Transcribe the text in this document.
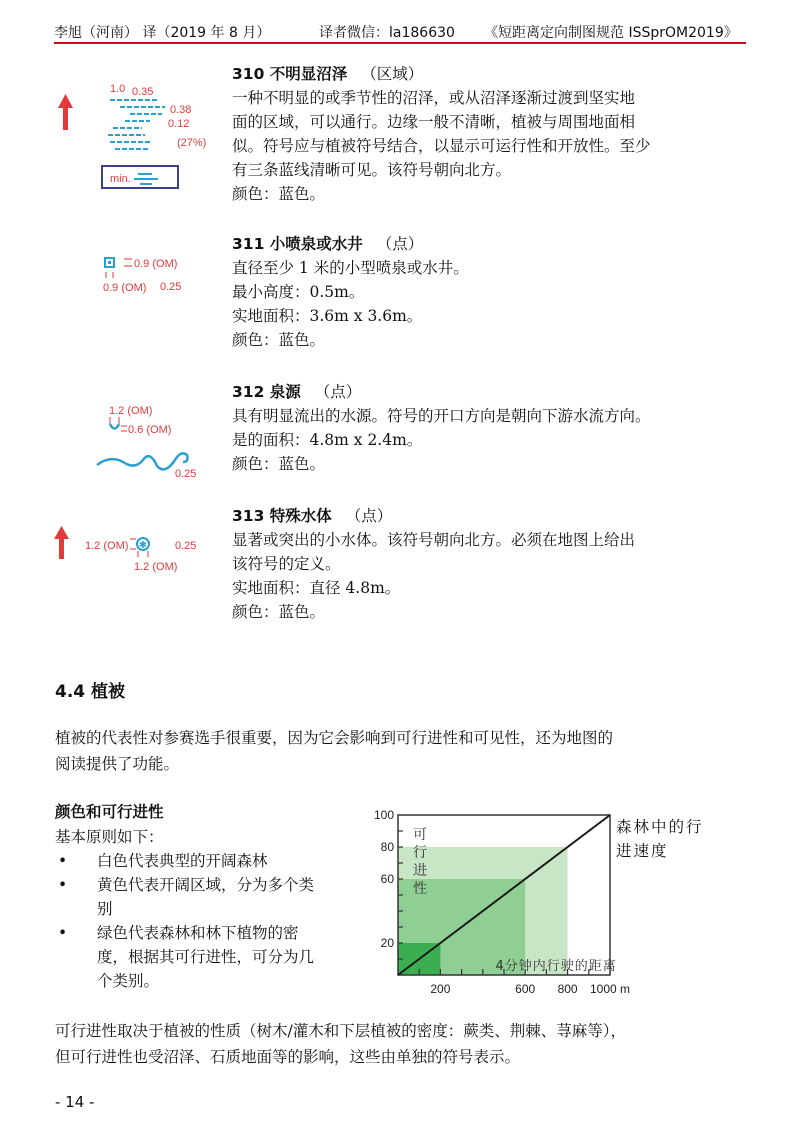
李旭（河南） 译（2019 年 8 月）	译者微信：la186630 《短距离定向制图规范 ISSprOM2019》
1.0 0.35
0.38
0.12
(27%)
min.
310 不明显沼泽 （区域）

一种不明显的或季节性的沼泽，或从沼泽逐渐过渡到坚实地

面的区域，可以通行。边缘一般不清晰，植被与周围地面相

似。符号应与植被符号结合，以显示可运行性和开放性。至少

有三条蓝线清晰可见。该符号朝向北方。

颜色：蓝色。

0.9 (OM)
0.9 (OM) 0.25
311 小喷泉或水井 （点）

直径至少 1 米的小型喷泉或水井。

最小高度：0.5m。

实地面积：3.6m x 3.6m。

颜色：蓝色。

1.2 (OM)
0.6 (OM)
0.25
312 泉源 （点）

具有明显流出的水源。符号的开口方向是朝向下游水流方向。

是的面积：4.8m x 2.4m。

颜色：蓝色。

1.2 (OM) ✱	0.25
1.2 (OM)
313 特殊水体 （点）

显著或突出的小水体。该符号朝向北方。必须在地图上给出

该符号的定义。

实地面积：直径 4.8m。

颜色：蓝色。

4.4 植被
植被的代表性对参赛选手很重要，因为它会影响到可行进性和可见性，还为地图的
阅读提供了功能。
颜色和可行进性
基本原则如下：
• 白色代表典型的开阔森林
• 黄色代表开阔区域，分为多个类
别
• 绿色代表森林和林下植物的密
度，根据其可行进性，可分为几
个类别。	200	600 800 1000 m
20
60
80
100
可
行
进
性
4分钟内行驶的距离
森林中的行
进速度
可行进性取决于植被的性质（树木/灌木和下层植被的密度：蕨类、荆棘、荨麻等），
但可行进性也受沼泽、石质地面等的影响，这些由单独的符号表示。
- 14 -
